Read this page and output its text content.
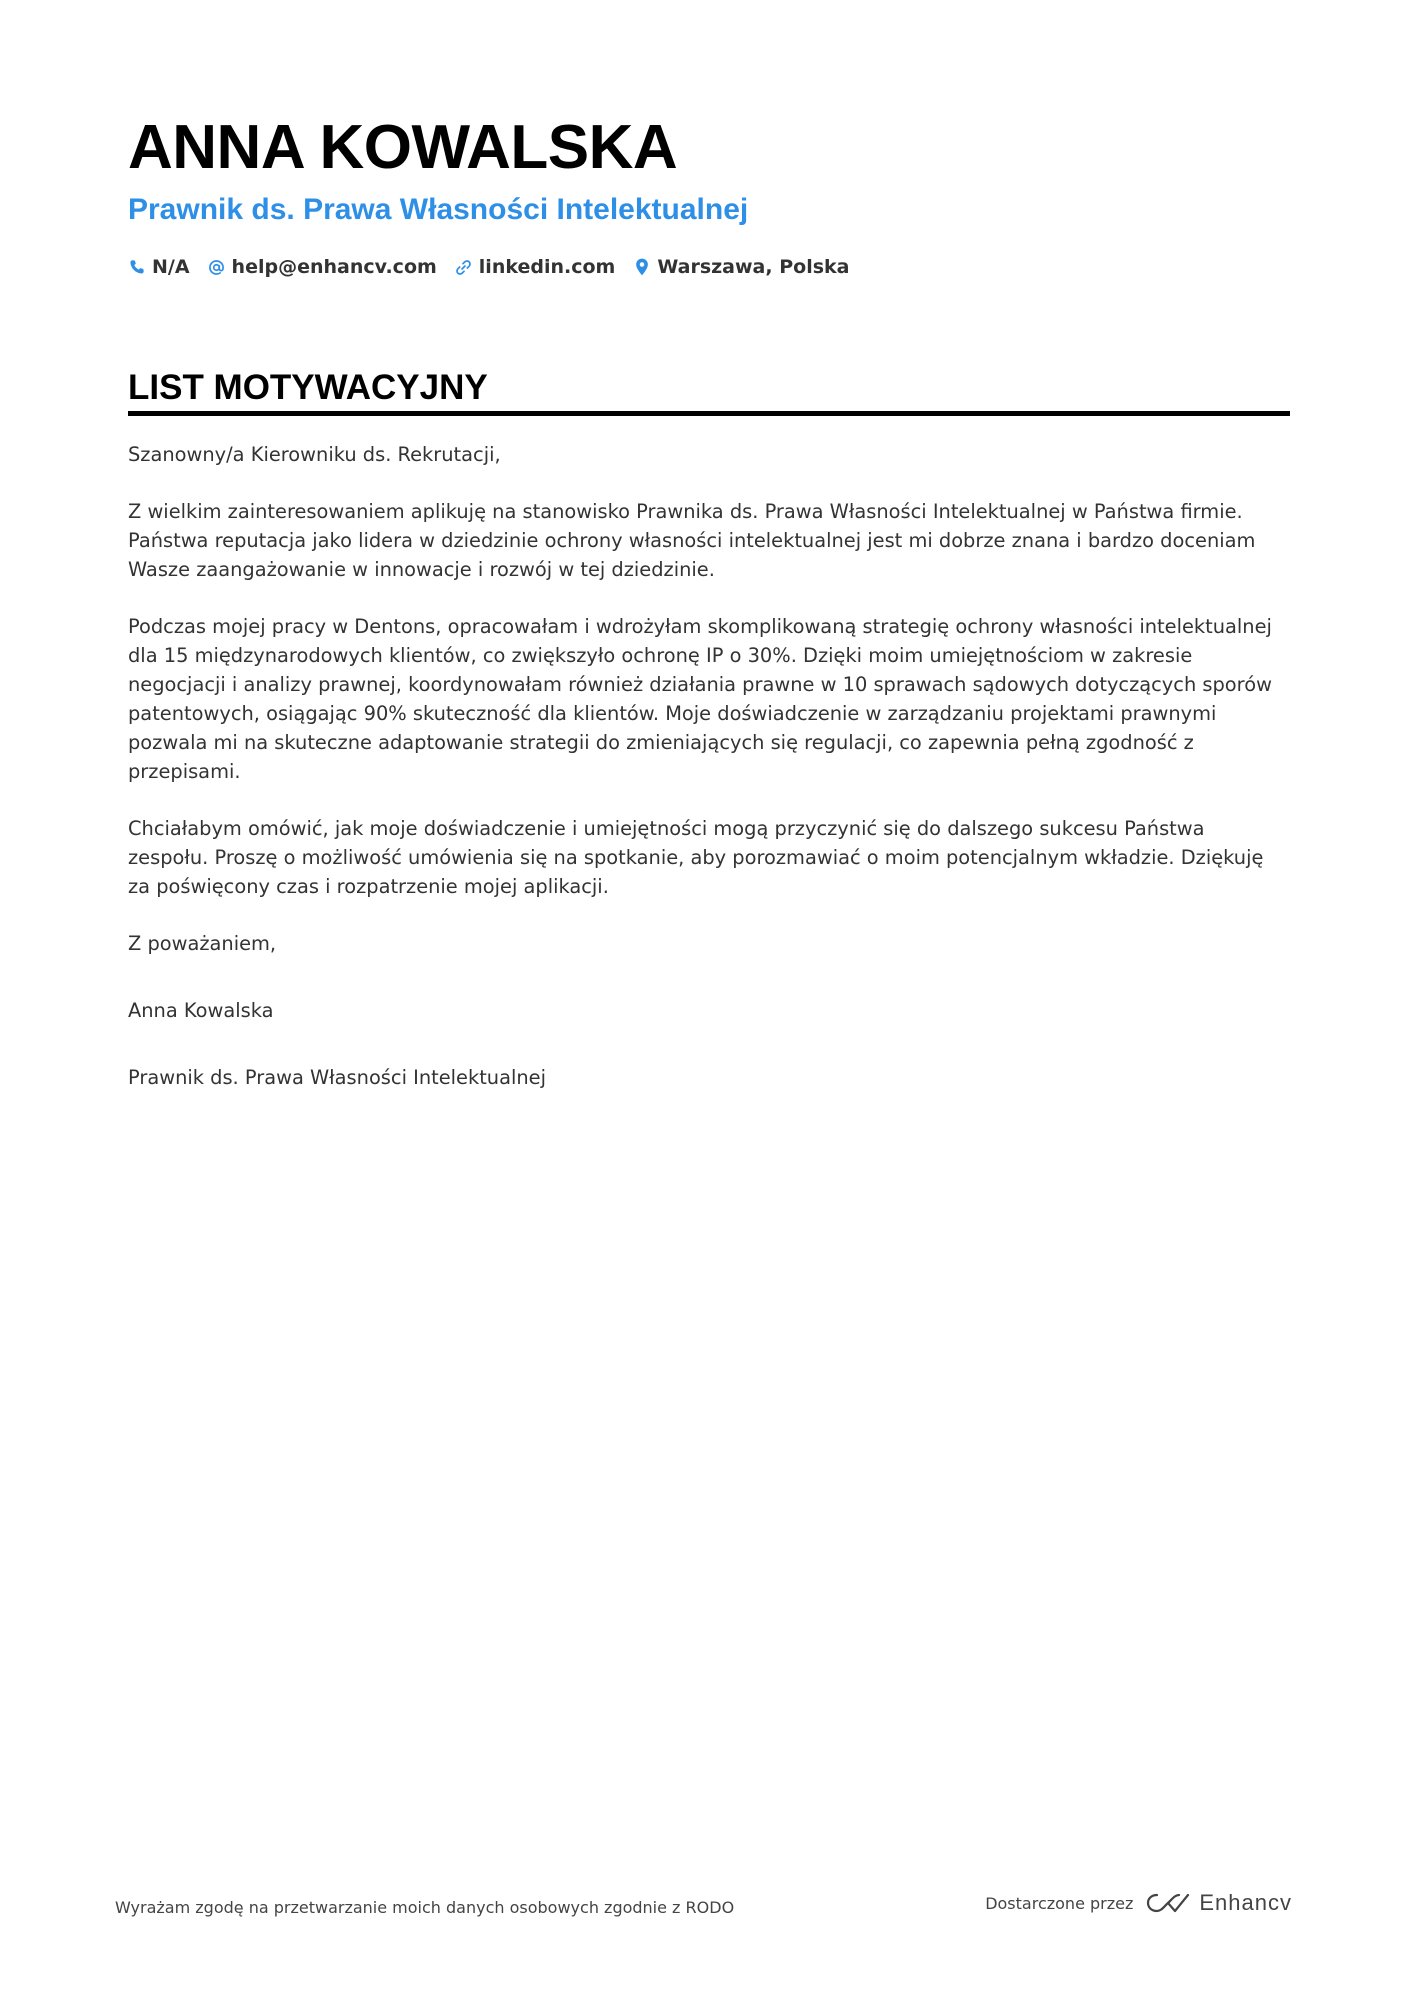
ANNA KOWALSKA
Prawnik ds. Prawa Własności Intelektualnej
N/A help@enhancv.com linkedin.com Warszawa, Polska
LIST MOTYWACYJNY

Szanowny/a Kierowniku ds. Rekrutacji,

Z wielkim zainteresowaniem aplikuję na stanowisko Prawnika ds. Prawa Własności Intelektualnej w Państwa firmie. Państwa reputacja jako lidera w dziedzinie ochrony własności intelektualnej jest mi dobrze znana i bardzo doceniam Wasze zaangażowanie w innowacje i rozwój w tej dziedzinie.

Podczas mojej pracy w Dentons, opracowałam i wdrożyłam skomplikowaną strategię ochrony własności intelektualnej dla 15 międzynarodowych klientów, co zwiększyło ochronę IP o 30%. Dzięki moim umiejętnościom w zakresie negocjacji i analizy prawnej, koordynowałam również działania prawne w 10 sprawach sądowych dotyczących sporów patentowych, osiągając 90% skuteczność dla klientów. Moje doświadczenie w zarządzaniu projektami prawnymi pozwala mi na skuteczne adaptowanie strategii do zmieniających się regulacji, co zapewnia pełną zgodność z przepisami.

Chciałabym omówić, jak moje doświadczenie i umiejętności mogą przyczynić się do dalszego sukcesu Państwa zespołu. Proszę o możliwość umówienia się na spotkanie, aby porozmawiać o moim potencjalnym wkładzie. Dziękuję za poświęcony czas i rozpatrzenie mojej aplikacji.

Z poważaniem,

Anna Kowalska

Prawnik ds. Prawa Własności Intelektualnej

Wyrażam zgodę na przetwarzanie moich danych osobowych zgodnie z RODO	Dostarczone przez	Enhancv
